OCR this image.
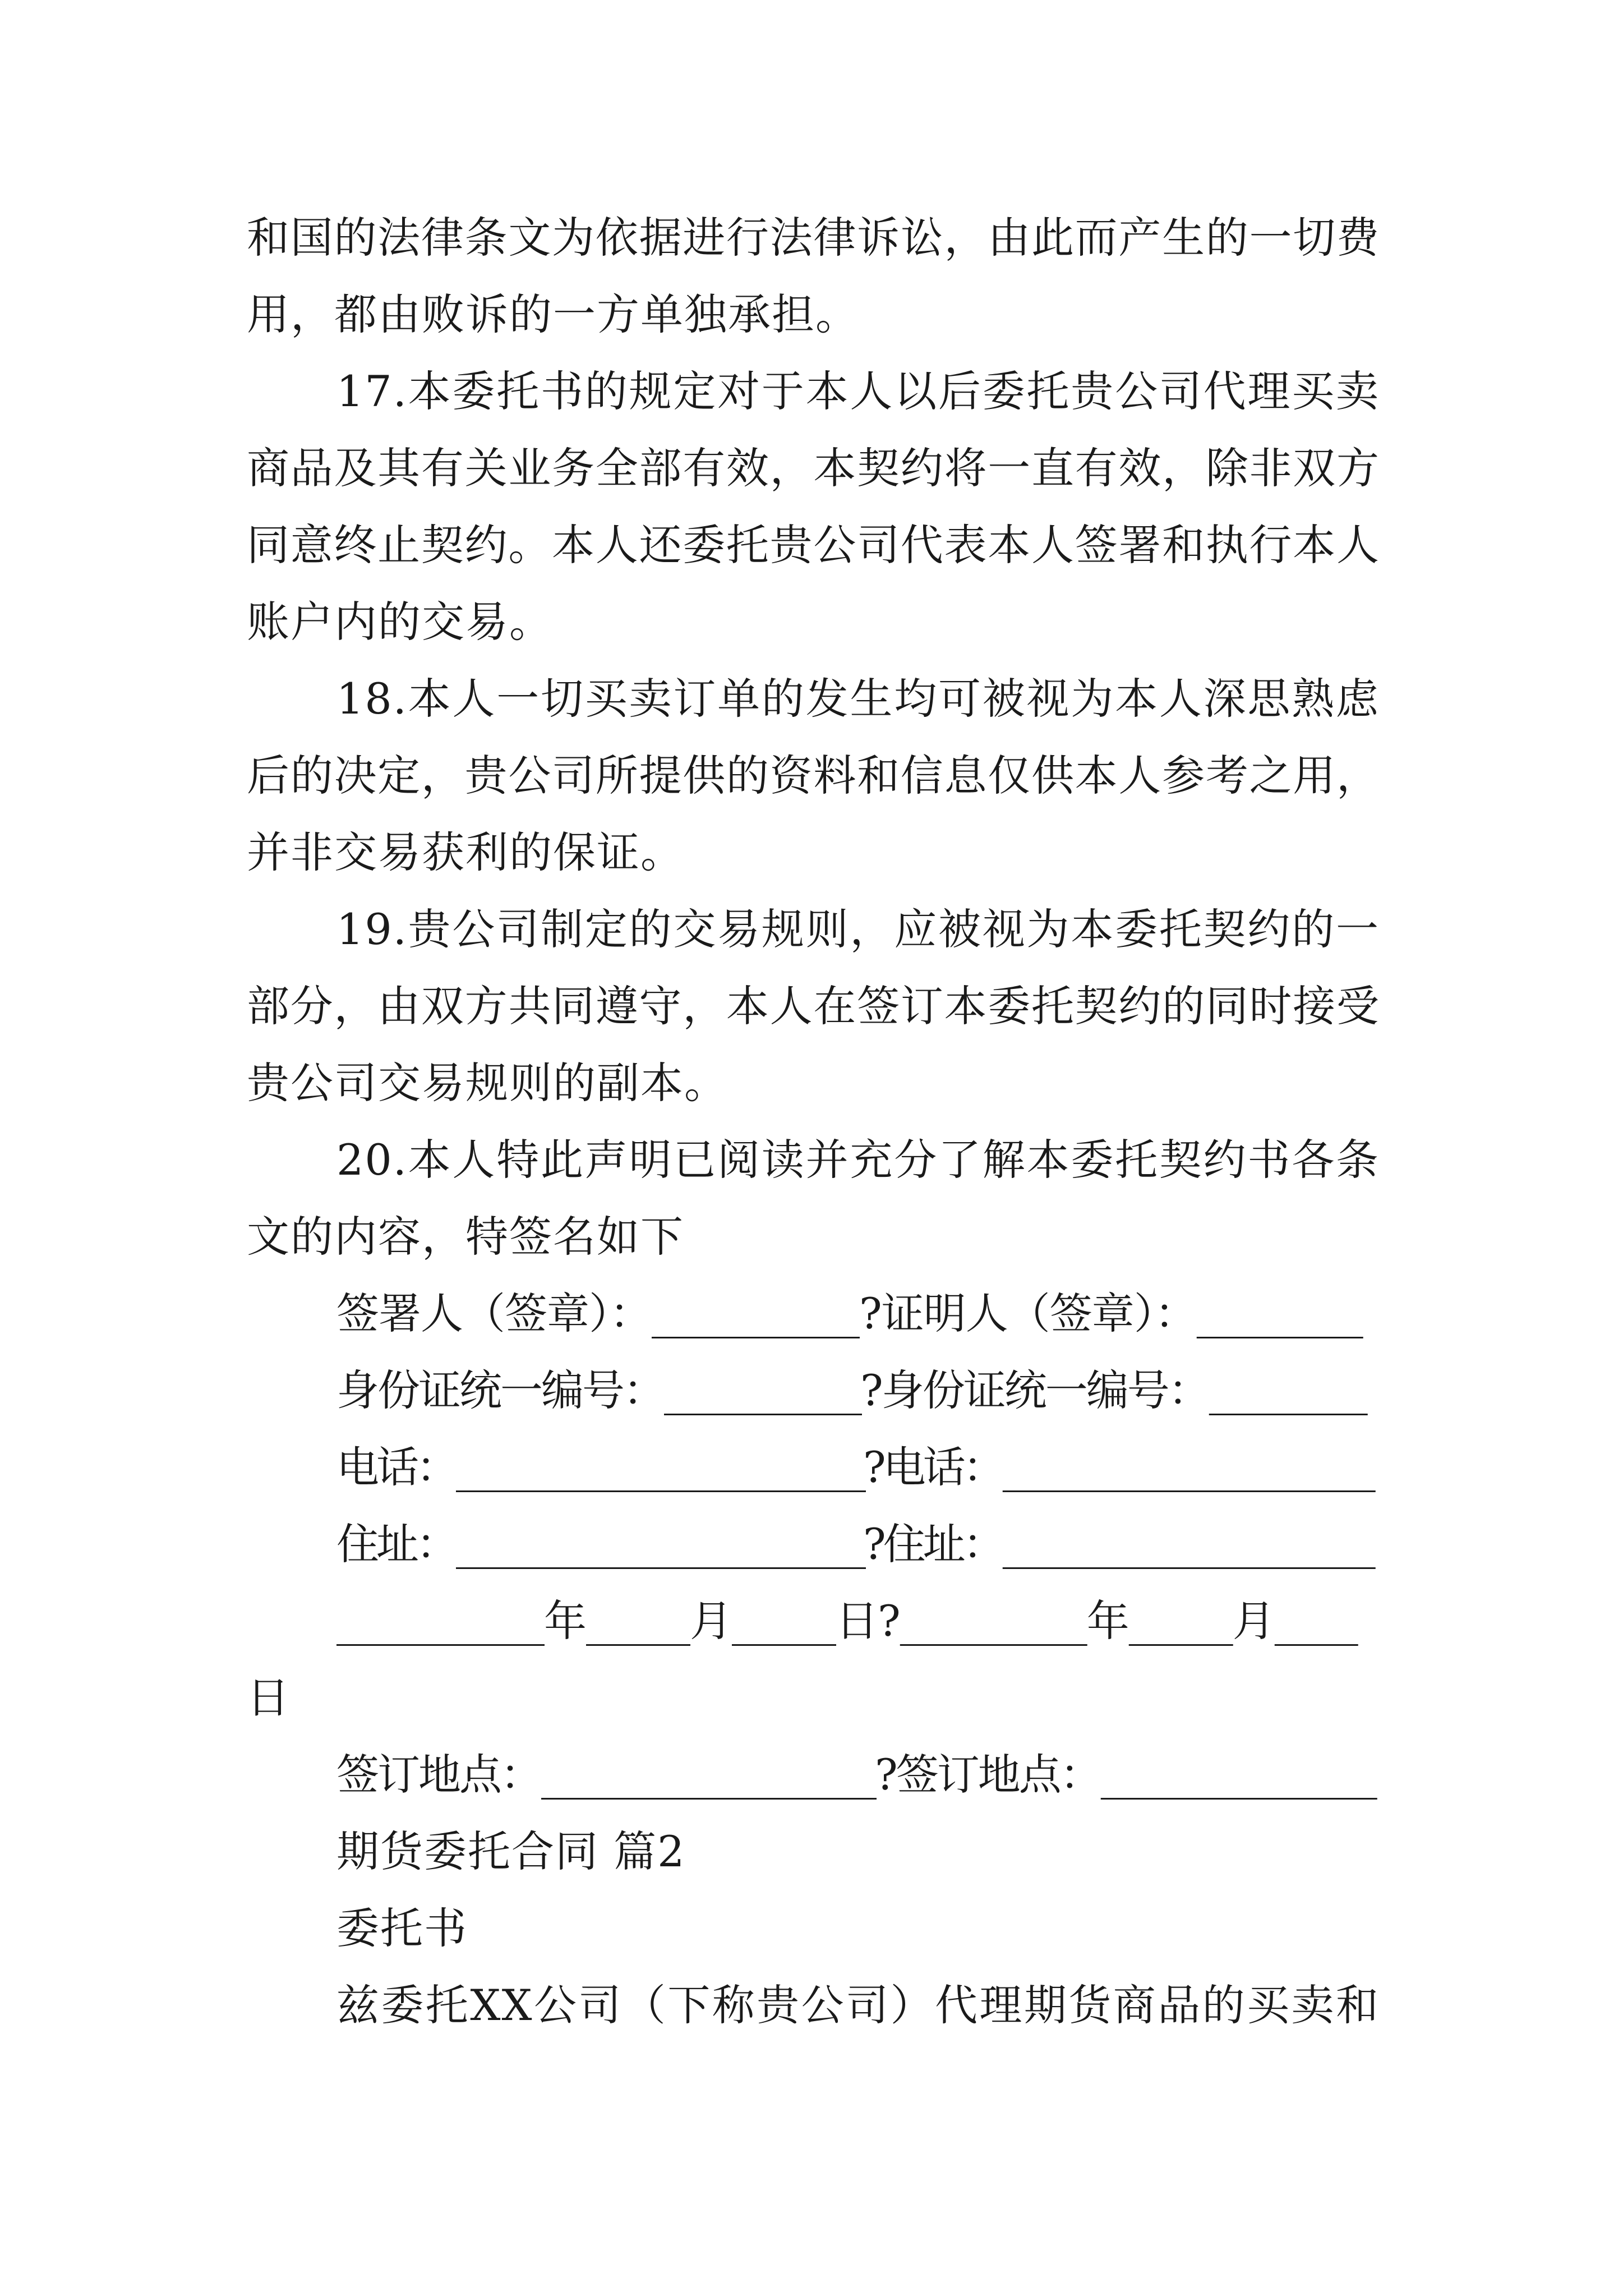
和国的法律条文为依据进行法律诉讼，由此而产生的一切费
用，都由败诉的一方单独承担。
17.本委托书的规定对于本人以后委托贵公司代理买卖
商品及其有关业务全部有效，本契约将一直有效，除非双方
同意终止契约。本人还委托贵公司代表本人签署和执行本人
账户内的交易。
18.本人一切买卖订单的发生均可被视为本人深思熟虑
后的决定，贵公司所提供的资料和信息仅供本人参考之用，
并非交易获利的保证。
19.贵公司制定的交易规则，应被视为本委托契约的一
部分，由双方共同遵守，本人在签订本委托契约的同时接受
贵公司交易规则的副本。
20.本人特此声明已阅读并充分了解本委托契约书各条
文的内容，特签名如下
签署人（签章）：__________?证明人（签章）：________
身份证统一编号：__________?身份证统一编号：________
电话：______________________?电话：____________________
住址：______________________?住址：____________________
__________年_____月_____日?_________年_____月____
日
签订地点：_________________?签订地点：______________
期货委托合同 篇2
委托书
兹委托XX公司（下称贵公司）代理期货商品的买卖和
